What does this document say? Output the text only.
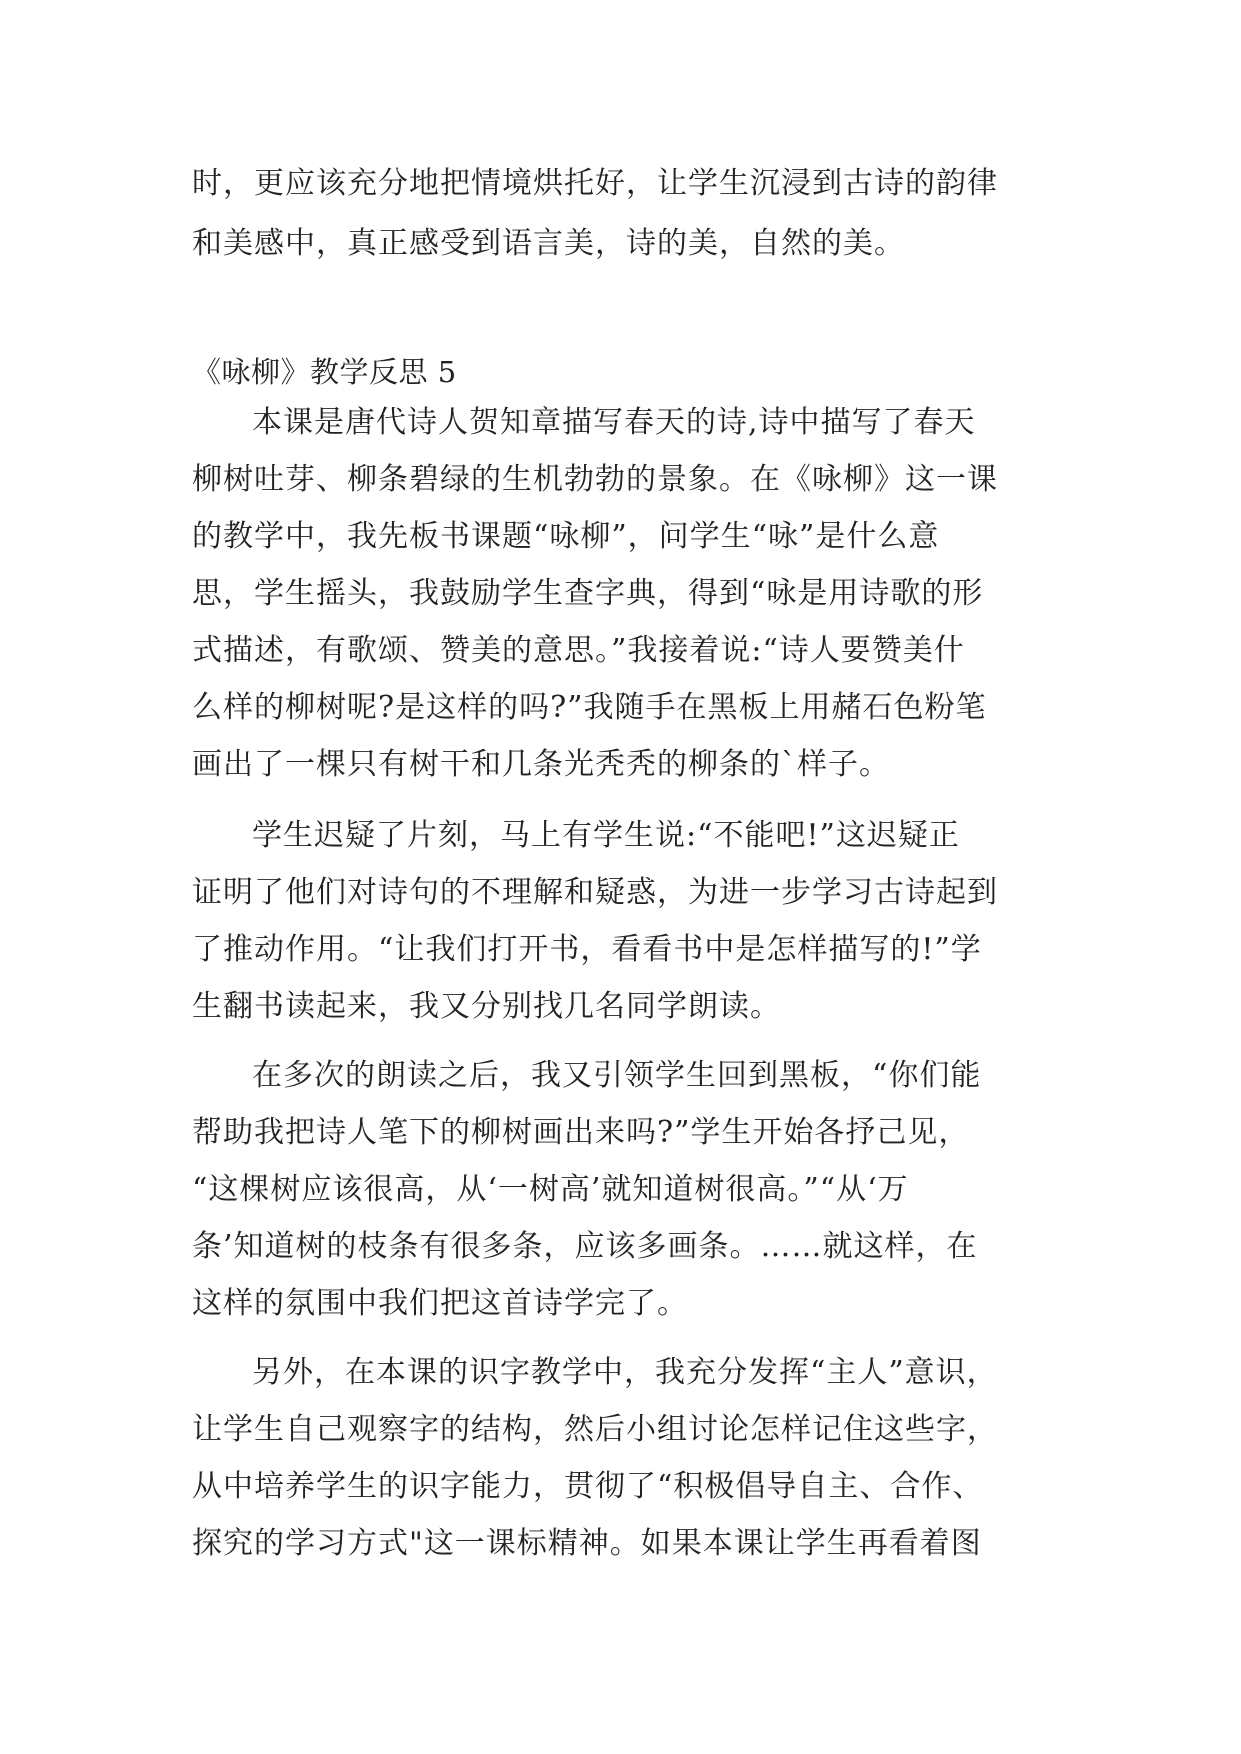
时，更应该充分地把情境烘托好，让学生沉浸到古诗的韵律
和美感中，真正感受到语言美，诗的美，自然的美。
《咏柳》教学反思 5
本课是唐代诗人贺知章描写春天的诗,诗中描写了春天
柳树吐芽、柳条碧绿的生机勃勃的景象。在《咏柳》这一课
的教学中，我先板书课题“咏柳”，问学生“咏”是什么意
思，学生摇头，我鼓励学生查字典，得到“咏是用诗歌的形
式描述，有歌颂、赞美的意思。”我接着说:“诗人要赞美什
么样的柳树呢?是这样的吗?”我随手在黑板上用赭石色粉笔
画出了一棵只有树干和几条光秃秃的柳条的`样子。
学生迟疑了片刻，马上有学生说:“不能吧!”这迟疑正
证明了他们对诗句的不理解和疑惑，为进一步学习古诗起到
了推动作用。“让我们打开书，看看书中是怎样描写的!”学
生翻书读起来，我又分别找几名同学朗读。
在多次的朗读之后，我又引领学生回到黑板，“你们能
帮助我把诗人笔下的柳树画出来吗?”学生开始各抒己见，
“这棵树应该很高，从‘一树高’就知道树很高。”“从‘万
条’知道树的枝条有很多条，应该多画条。……就这样，在
这样的氛围中我们把这首诗学完了。
另外，在本课的识字教学中，我充分发挥“主人”意识，
让学生自己观察字的结构，然后小组讨论怎样记住这些字，
从中培养学生的识字能力，贯彻了“积极倡导自主、合作、
探究的学习方式"这一课标精神。如果本课让学生再看着图
